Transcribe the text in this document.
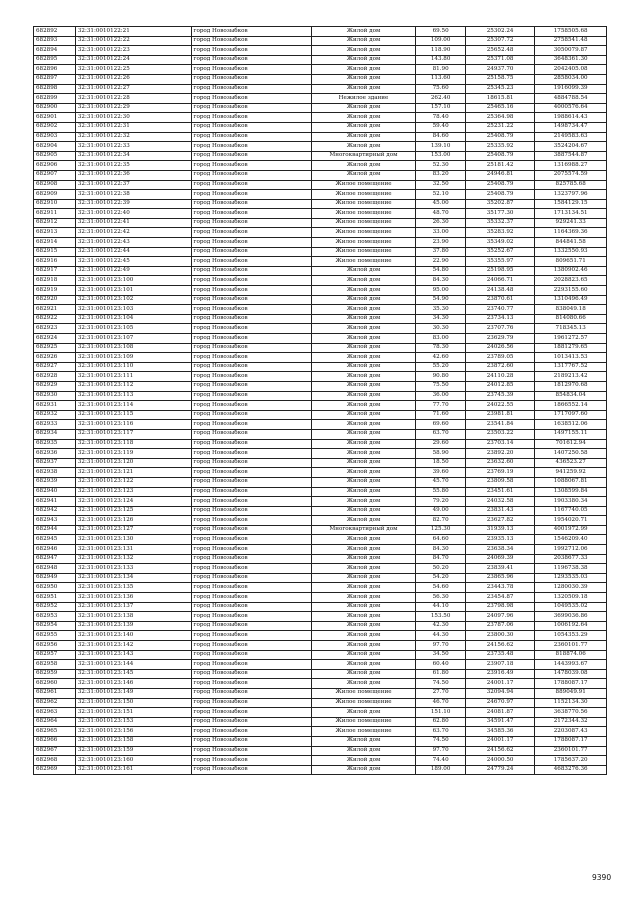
682892	32:31:0010122:21	город Новозыбков	Жилой дом	69.50	25302.24	1758505.68
682893	32:31:0010122:22	город Новозыбков	Жилой дом	109.00	25307.72	2758541.48
682894	32:31:0010122:23	город Новозыбков	Жилой дом	118.90	25652.48	3050079.87
682895	32:31:0010122:24	город Новозыбков	Жилой дом	143.80	25371.08	3648361.30
682896	32:31:0010122:25	город Новозыбков	Жилой дом	81.90	24937.70	2042405.08
682897	32:31:0010122:26	город Новозыбков	Жилой дом	113.60	25158.75	2858034.00
682898	32:31:0010122:27	город Новозыбков	Жилой дом	75.60	25345.23	1916099.39
682899	32:31:0010122:28	город Новозыбков	Нежилое здание	262.40	18615.81	4884788.54
682900	32:31:0010122:29	город Новозыбков	Жилой дом	157.10	25465.16	4000576.64
682901	32:31:0010122:30	город Новозыбков	Жилой дом	78.40	25364.98	1988614.43
682902	32:31:0010122:31	город Новозыбков	Жилой дом	59.40	25231.22	1498734.47
682903	32:31:0010122:32	город Новозыбков	Жилой дом	84.60	25408.79	2149583.63
682904	32:31:0010122:33	город Новозыбков	Жилой дом	139.10	25335.92	3524204.67
682905	32:31:0010122:34	город Новозыбков	Многоквартирный дом	153.00	25408.79	3887544.87
682906	32:31:0010122:35	город Новозыбков	Жилой дом	52.30	25181.42	1316988.27
682907	32:31:0010122:36	город Новозыбков	Жилой дом	83.20	24946.81	2075574.59
682908	32:31:0010122:37	город Новозыбков	Жилое помещение	32.50	25408.79	825785.68
682909	32:31:0010122:38	город Новозыбков	Жилое помещение	52.10	25408.79	1323797.96
682910	32:31:0010122:39	город Новозыбков	Жилое помещение	45.00	35202.87	1584129.15
682911	32:31:0010122:40	город Новозыбков	Жилое помещение	48.70	35177.30	1713134.51
682912	32:31:0010122:41	город Новозыбков	Жилое помещение	26.30	35332.37	929241.33
682913	32:31:0010122:42	город Новозыбков	Жилое помещение	33.00	35283.92	1164369.36
682914	32:31:0010122:43	город Новозыбков	Жилое помещение	23.90	35349.02	844841.58
682915	32:31:0010122:44	город Новозыбков	Жилое помещение	37.80	35252.67	1332550.93
682916	32:31:0010122:45	город Новозыбков	Жилое помещение	22.90	35355.97	809651.71
682917	32:31:0010122:49	город Новозыбков	Жилой дом	54.80	25198.95	1380902.46
682918	32:31:0010123:100	город Новозыбков	Жилой дом	84.30	24066.71	2028823.65
682919	32:31:0010123:101	город Новозыбков	Жилой дом	95.00	24138.48	2293155.60
682920	32:31:0010123:102	город Новозыбков	Жилой дом	54.90	23870.61	1310496.49
682921	32:31:0010123:103	город Новозыбков	Жилой дом	35.30	23740.77	838049.18
682922	32:31:0010123:104	город Новозыбков	Жилой дом	34.30	23734.13	814080.66
682923	32:31:0010123:105	город Новозыбков	Жилой дом	30.30	23707.76	718345.13
682924	32:31:0010123:107	город Новозыбков	Жилой дом	83.00	23629.79	1961272.57
682925	32:31:0010123:108	город Новозыбков	Жилой дом	78.30	24026.56	1881279.65
682926	32:31:0010123:109	город Новозыбков	Жилой дом	42.60	23789.05	1013413.53
682927	32:31:0010123:110	город Новозыбков	Жилой дом	55.20	23872.60	1317767.52
682928	32:31:0010123:111	город Новозыбков	Жилой дом	90.80	24110.28	2189213.42
682929	32:31:0010123:112	город Новозыбков	Жилой дом	75.50	24012.85	1812970.68
682930	32:31:0010123:113	город Новозыбков	Жилой дом	36.00	23745.39	854834.04
682931	32:31:0010123:114	город Новозыбков	Жилой дом	77.70	24022.55	1866552.14
682932	32:31:0010123:115	город Новозыбков	Жилой дом	71.60	23981.81	1717097.60
682933	32:31:0010123:116	город Новозыбков	Жилой дом	69.60	23541.84	1638512.06
682934	32:31:0010123:117	город Новозыбков	Жилой дом	63.70	23503.22	1497155.11
682935	32:31:0010123:118	город Новозыбков	Жилой дом	29.60	23703.14	701612.94
682936	32:31:0010123:119	город Новозыбков	Жилой дом	58.90	23892.20	1407250.58
682937	32:31:0010123:120	город Новозыбков	Жилой дом	18.50	23632.60	436523.27
682938	32:31:0010123:121	город Новозыбков	Жилой дом	39.60	23769.19	941259.92
682939	32:31:0010123:122	город Новозыбков	Жилой дом	45.70	23809.58	1088067.81
682940	32:31:0010123:123	город Новозыбков	Жилой дом	55.80	23451.61	1308599.84
682941	32:31:0010123:124	город Новозыбков	Жилой дом	79.20	24032.58	1903380.34
682942	32:31:0010123:125	город Новозыбков	Жилой дом	49.00	23831.43	1167740.05
682943	32:31:0010123:126	город Новозыбков	Жилой дом	82.70	23627.82	1954020.71
682944	32:31:0010123:127	город Новозыбков	Многоквартирный дом	125.30	31939.13	4001972.99
682945	32:31:0010123:130	город Новозыбков	Жилой дом	64.60	23935.13	1546209.40
682946	32:31:0010123:131	город Новозыбков	Жилой дом	84.30	23638.34	1992712.06
682947	32:31:0010123:132	город Новозыбков	Жилой дом	84.70	24069.39	2038677.33
682948	32:31:0010123:133	город Новозыбков	Жилой дом	50.20	23839.41	1196738.38
682949	32:31:0010123:134	город Новозыбков	Жилой дом	54.20	23865.96	1293535.03
682950	32:31:0010123:135	город Новозыбков	Жилой дом	54.60	23443.78	1280030.39
682951	32:31:0010123:136	город Новозыбков	Жилой дом	56.30	23454.87	1320509.18
682952	32:31:0010123:137	город Новозыбков	Жилой дом	44.10	23798.98	1049535.02
682953	32:31:0010123:138	город Новозыбков	Жилой дом	153.50	24097.96	3699036.86
682954	32:31:0010123:139	город Новозыбков	Жилой дом	42.30	23787.06	1006192.64
682955	32:31:0010123:140	город Новозыбков	Жилой дом	44.30	23800.30	1054353.29
682956	32:31:0010123:142	город Новозыбков	Жилой дом	97.70	24156.62	2360101.77
682957	32:31:0010123:143	город Новозыбков	Жилой дом	34.50	23735.48	818874.06
682958	32:31:0010123:144	город Новозыбков	Жилой дом	60.40	23907.18	1443993.67
682959	32:31:0010123:145	город Новозыбков	Жилой дом	61.80	23916.49	1478039.08
682960	32:31:0010123:146	город Новозыбков	Жилой дом	74.50	24001.17	1788087.17
682961	32:31:0010123:149	город Новозыбков	Жилое помещение	27.70	32094.94	889049.91
682962	32:31:0010123:150	город Новозыбков	Жилое помещение	46.70	24670.97	1152134.30
682963	32:31:0010123:151	город Новозыбков	Жилой дом	151.10	24081.87	3638770.56
682964	32:31:0010123:153	город Новозыбков	Жилое помещение	62.80	34591.47	2172344.32
682965	32:31:0010123:156	город Новозыбков	Жилое помещение	63.70	34585.36	2203087.43
682966	32:31:0010123:158	город Новозыбков	Жилой дом	74.50	24001.17	1788087.17
682967	32:31:0010123:159	город Новозыбков	Жилой дом	97.70	24156.62	2360101.77
682968	32:31:0010123:160	город Новозыбков	Жилой дом	74.40	24000.50	1785637.20
682969	32:31:0010123:161	город Новозыбков	Жилой дом	189.00	24779.24	4683276.36
9390
